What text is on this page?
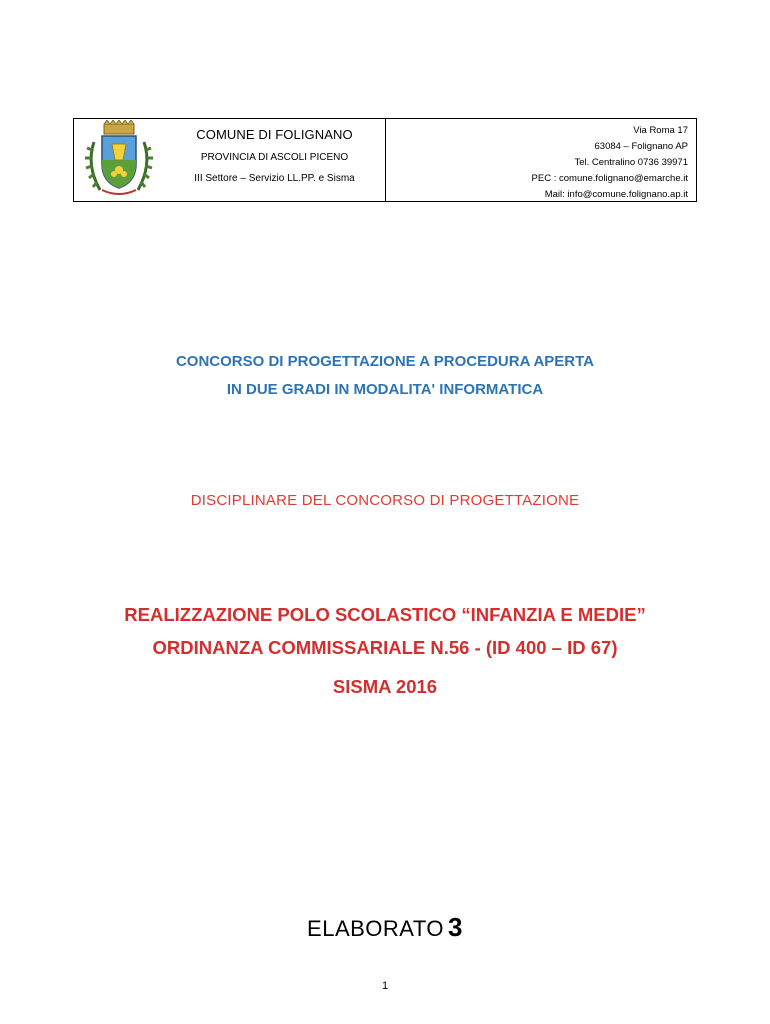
COMUNE DI FOLIGNANO
PROVINCIA DI ASCOLI PICENO
III Settore – Servizio LL.PP. e Sisma
Via Roma 17
63084 – Folignano AP
Tel. Centralino 0736 39971
PEC : comune.folignano@emarche.it
Mail: info@comune.folignano.ap.it
CONCORSO DI PROGETTAZIONE A PROCEDURA APERTA
IN DUE GRADI IN MODALITA' INFORMATICA
DISCIPLINARE DEL CONCORSO DI PROGETTAZIONE
REALIZZAZIONE POLO SCOLASTICO “INFANZIA E MEDIE”
ORDINANZA COMMISSARIALE N.56 - (ID 400 – ID 67)
SISMA 2016
ELABORATO 3
1
